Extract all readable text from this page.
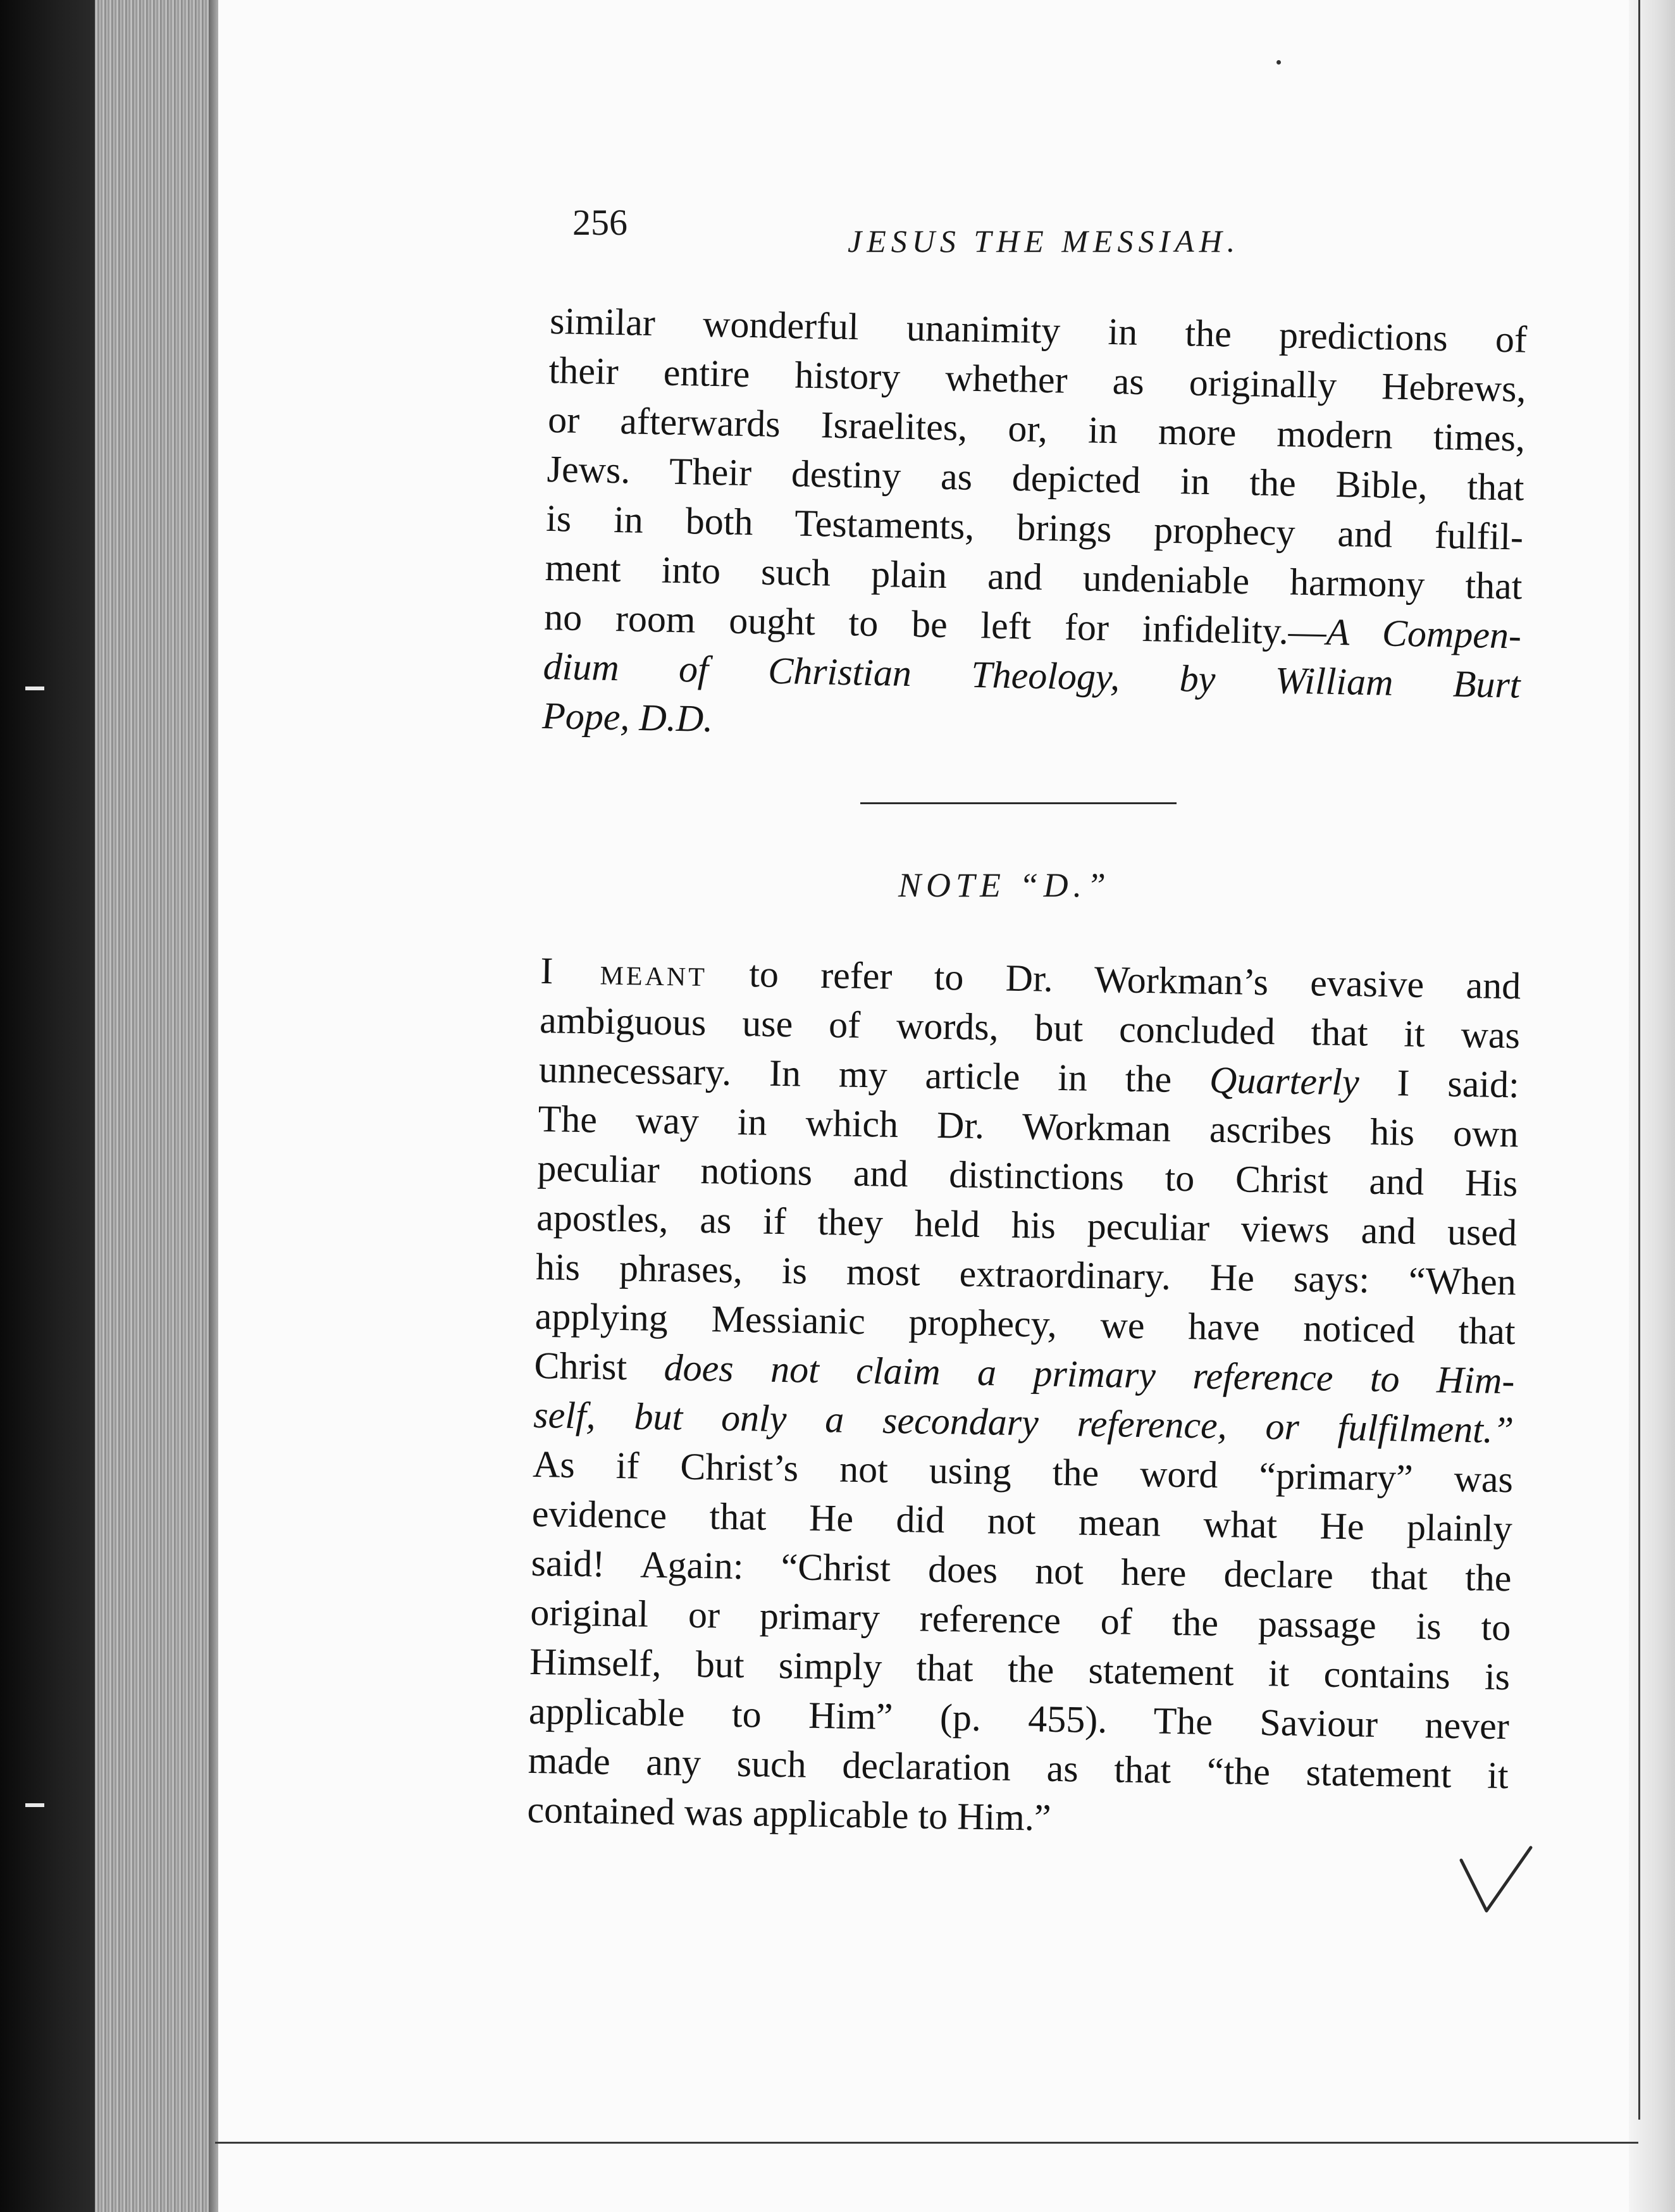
256	JESUS THE MESSIAH.

similar wonderful unanimity in the predictions of
their entire history whether as originally Hebrews,
or afterwards Israelites, or, in more modern times,
Jews. Their destiny as depicted in the Bible, that
is in both Testaments, brings prophecy and fulfil-
ment into such plain and undeniable harmony that
no room ought to be left for infidelity.—A Compen-
dium of Christian Theology, by William Burt
Pope, D.D.

NOTE “D.”

I meant to refer to Dr. Workman’s evasive and
ambiguous use of words, but concluded that it was
unnecessary. In my article in the Quarterly I said:
The way in which Dr. Workman ascribes his own
peculiar notions and distinctions to Christ and His
apostles, as if they held his peculiar views and used
his phrases, is most extraordinary. He says: “When
applying Messianic prophecy, we have noticed that
Christ does not claim a primary reference to Him-
self, but only a secondary reference, or fulfilment.”
As if Christ’s not using the word “primary” was
evidence that He did not mean what He plainly
said! Again: “Christ does not here declare that the
original or primary reference of the passage is to
Himself, but simply that the statement it contains is
applicable to Him” (p. 455). The Saviour never
made any such declaration as that “the statement it
contained was applicable to Him.”
